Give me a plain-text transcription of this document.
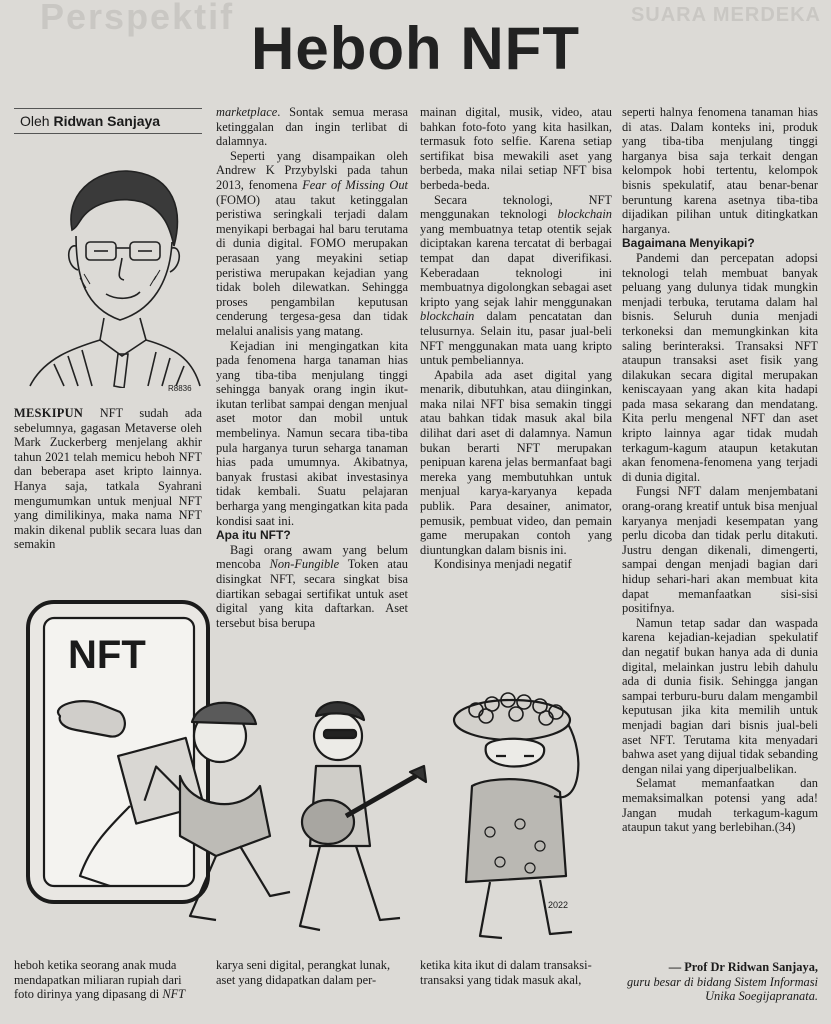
Perspektif	SUARA MERDEKA
Heboh NFT
Oleh Ridwan Sanjaya
R8836

MESKIPUN NFT sudah ada sebelumnya, gagasan Metaverse oleh Mark Zuckerberg menjelang akhir tahun 2021 telah memicu heboh NFT dan beberapa aset kripto lainnya. Hanya saja, tatkala Syahrani mengumumkan untuk menjual NFT yang dimilikinya, maka nama NFT makin dikenal publik secara luas dan semakin

marketplace. Sontak semua merasa ketinggalan dan ingin terlibat di dalamnya.

Seperti yang disampaikan oleh Andrew K Przybylski pada tahun 2013, fenomena Fear of Missing Out (FOMO) atau takut ketinggalan peristiwa seringkali terjadi dalam menyikapi berbagai hal baru terutama di dunia digital. FOMO merupakan perasaan yang meyakini setiap peristiwa merupakan kejadian yang tidak boleh dilewatkan. Sehingga proses pengambilan keputusan cenderung tergesa-gesa dan tidak melalui analisis yang matang.

Kejadian ini mengingatkan kita pada fenomena harga tanaman hias yang tiba-tiba menjulang tinggi sehingga banyak orang ingin ikut-ikutan terlibat sampai dengan menjual aset motor dan mobil untuk membelinya. Namun secara tiba-tiba pula harganya turun seharga tanaman hias pada umumnya. Akibatnya, banyak frustasi akibat investasinya tidak kembali. Suatu pelajaran berharga yang mengingatkan kita pada kondisi saat ini.

Apa itu NFT?

Bagi orang awam yang belum mencoba Non-Fungible Token atau disingkat NFT, secara singkat bisa diartikan sebagai sertifikat untuk aset digital yang kita daftarkan. Aset tersebut bisa berupa

mainan digital, musik, video, atau bahkan foto-foto yang kita hasilkan, termasuk foto selfie. Karena setiap sertifikat bisa mewakili aset yang berbeda, maka nilai setiap NFT bisa berbeda-beda.

Secara teknologi, NFT menggunakan teknologi blockchain yang membuatnya tetap otentik sejak diciptakan karena tercatat di berbagai tempat dan dapat diverifikasi. Keberadaan teknologi ini membuatnya digolongkan sebagai aset kripto yang sejak lahir menggunakan blockchain dalam pencatatan dan telusurnya. Selain itu, pasar jual-beli NFT menggunakan mata uang kripto untuk pembeliannya.

Apabila ada aset digital yang menarik, dibutuhkan, atau diinginkan, maka nilai NFT bisa semakin tinggi atau bahkan tidak masuk akal bila dilihat dari aset di dalamnya. Namun bukan berarti NFT merupakan penipuan karena jelas bermanfaat bagi mereka yang membutuhkan untuk menjual karya-karyanya kepada publik. Para desainer, animator, pemusik, pembuat video, dan pemain game merupakan contoh yang diuntungkan dalam bisnis ini.

Kondisinya menjadi negatif

seperti halnya fenomena tanaman hias di atas. Dalam konteks ini, produk yang tiba-tiba menjulang tinggi harganya bisa saja terkait dengan kelompok hobi tertentu, kelompok bisnis spekulatif, atau benar-benar beruntung karena asetnya tiba-tiba dijadikan pilihan untuk ditingkatkan harganya.

Bagaimana Menyikapi?

Pandemi dan percepatan adopsi teknologi telah membuat banyak peluang yang dulunya tidak mungkin menjadi terbuka, terutama dalam hal bisnis. Seluruh dunia menjadi terkoneksi dan memungkinkan kita saling berinteraksi. Transaksi NFT ataupun transaksi aset fisik yang dilakukan secara digital merupakan keniscayaan yang akan kita hadapi pada masa sekarang dan mendatang. Kita perlu mengenal NFT dan aset kripto lainnya agar tidak mudah terkagum-kagum ataupun ketakutan akan fenomena-fenomena yang terjadi di dunia digital.

Fungsi NFT dalam menjembatani orang-orang kreatif untuk bisa menjual karyanya menjadi kesempatan yang perlu dicoba dan tidak perlu ditakuti. Justru dengan dikenali, dimengerti, sampai dengan menjadi bagian dari hidup sehari-hari akan membuat kita dapat memanfaatkan sisi-sisi positifnya.

Namun tetap sadar dan waspada karena kejadian-kejadian spekulatif dan negatif bukan hanya ada di dunia digital, melainkan justru lebih dahulu ada di dunia fisik. Sehingga jangan sampai terburu-buru dalam mengambil keputusan jika kita memilih untuk menjadi bagian dari bisnis jual-beli aset NFT. Terutama kita menyadari bahwa aset yang dijual tidak sebanding dengan nilai yang diperjualbelikan.

Selamat memanfaatkan dan memaksimalkan potensi yang ada! Jangan mudah terkagum-kagum ataupun takut yang berlebihan.(34)

NFT
2022
heboh ketika seorang anak muda mendapatkan miliaran rupiah dari foto dirinya yang dipasang di NFT
karya seni digital, perangkat lunak, aset yang didapatkan dalam per-
ketika kita ikut di dalam transaksi-transaksi yang tidak masuk akal,
— Prof Dr Ridwan Sanjaya,
guru besar di bidang Sistem Informasi Unika Soegijapranata.
